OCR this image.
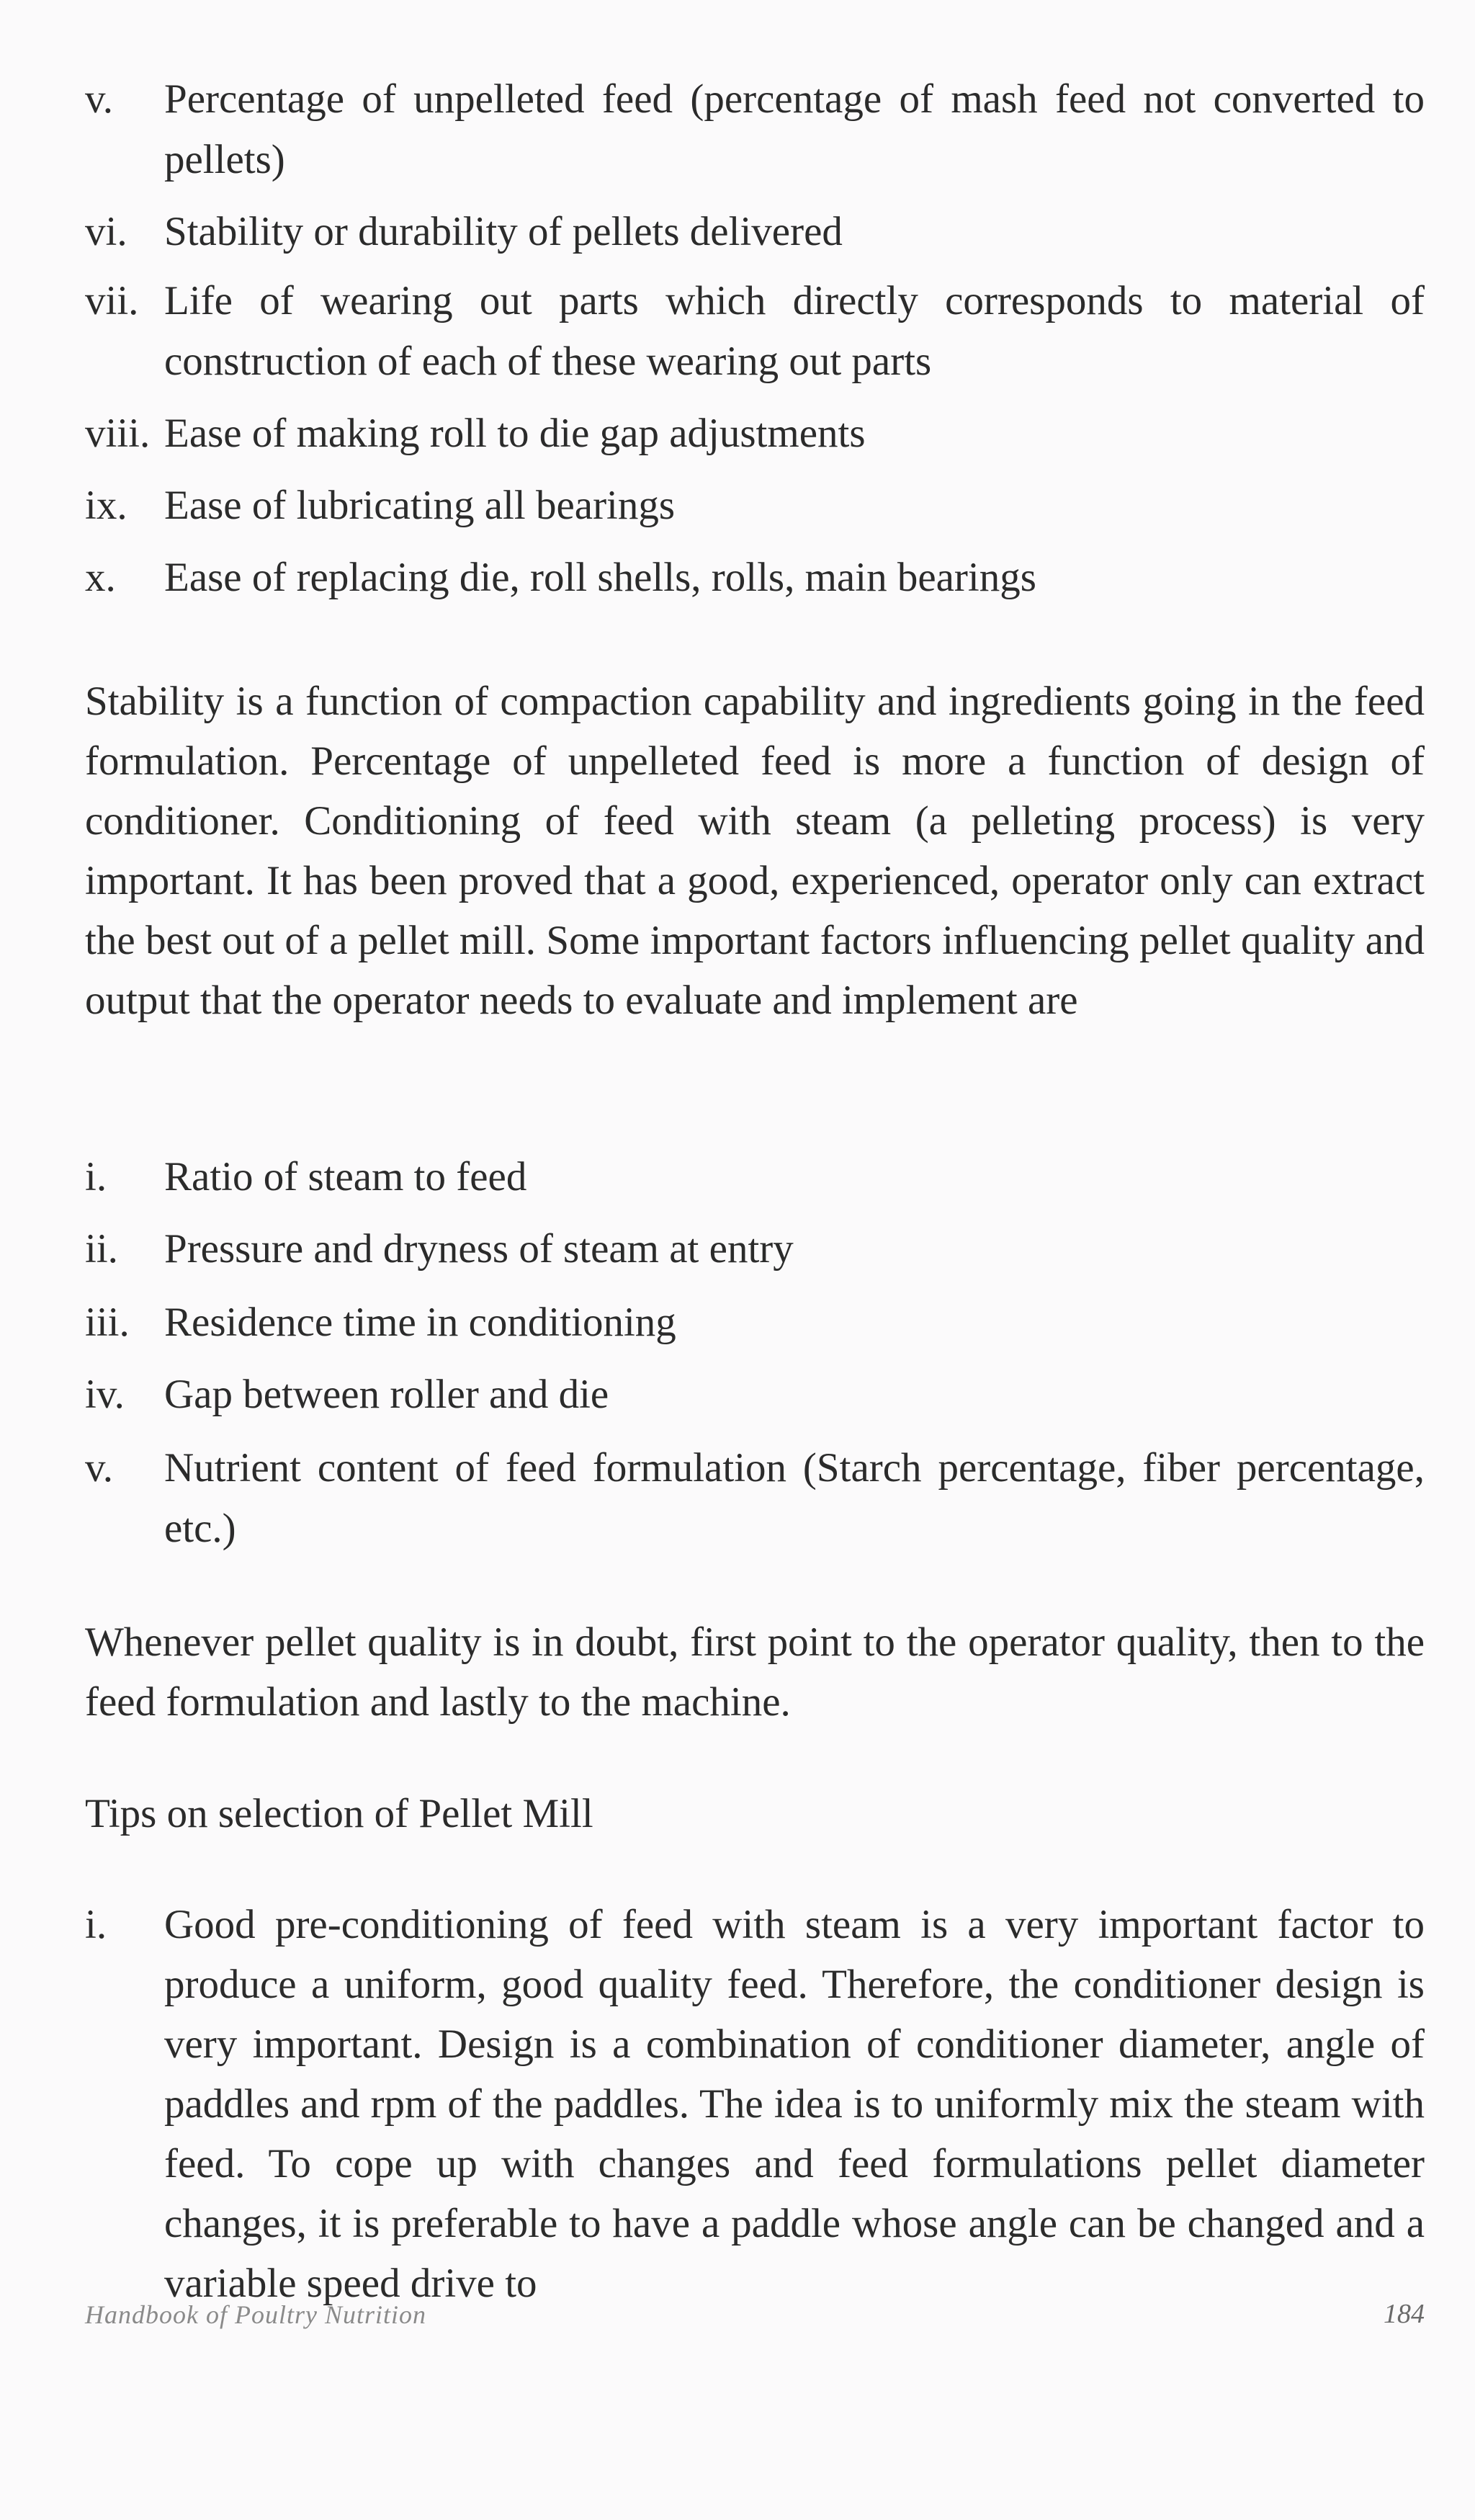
v. Percentage of unpelleted feed (percentage of mash feed not converted to pellets)
vi. Stability or durability of pellets delivered
vii. Life of wearing out parts which directly corresponds to material of construction of each of these wearing out parts
viii. Ease of making roll to die gap adjustments
ix. Ease of lubricating all bearings
x. Ease of replacing die, roll shells, rolls, main bearings

Stability is a function of compaction capability and ingredients going in the feed formulation. Percentage of unpelleted feed is more a function of design of conditioner. Conditioning of feed with steam (a pelleting process) is very important. It has been proved that a good, experienced, operator only can extract the best out of a pellet mill. Some important factors influencing pellet quality and output that the operator needs to evaluate and implement are

i. Ratio of steam to feed
ii. Pressure and dryness of steam at entry
iii. Residence time in conditioning
iv. Gap between roller and die
v. Nutrient content of feed formulation (Starch percentage, fiber percentage, etc.)

Whenever pellet quality is in doubt, first point to the operator quality, then to the feed formulation and lastly to the machine.

Tips on selection of Pellet Mill

i. Good pre-conditioning of feed with steam is a very important factor to produce a uniform, good quality feed. Therefore, the conditioner design is very important. Design is a combination of conditioner diameter, angle of paddles and rpm of the paddles. The idea is to uniformly mix the steam with feed. To cope up with changes and feed formulations pellet diameter changes, it is preferable to have a paddle whose angle can be changed and a variable speed drive to
Handbook of Poultry Nutrition	184
